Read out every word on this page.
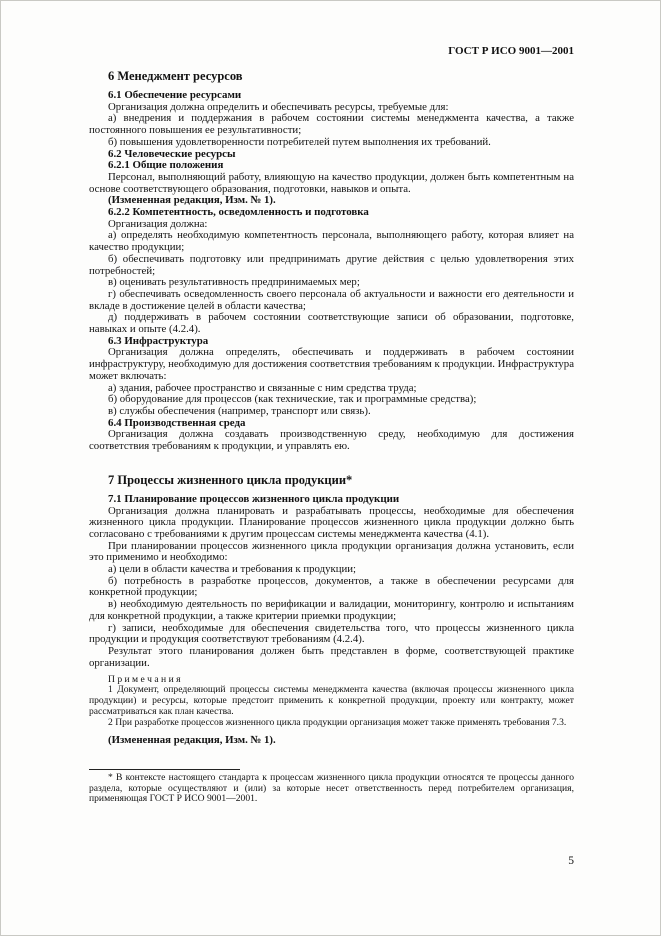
ГОСТ Р ИСО 9001—2001
6 Менеджмент ресурсов

6.1 Обеспечение ресурсами

Организация должна определить и обеспечивать ресурсы, требуемые для:

а) внедрения и поддержания в рабочем состоянии системы менеджмента качества, а также постоянного повышения ее результативности;

б) повышения удовлетворенности потребителей путем выполнения их требований.

6.2 Человеческие ресурсы

6.2.1 Общие положения

Персонал, выполняющий работу, влияющую на качество продукции, должен быть компетентным на основе соответствующего образования, подготовки, навыков и опыта.

(Измененная редакция, Изм. № 1).

6.2.2 Компетентность, осведомленность и подготовка

Организация должна:

а) определять необходимую компетентность персонала, выполняющего работу, которая влияет на качество продукции;

б) обеспечивать подготовку или предпринимать другие действия с целью удовлетворения этих потребностей;

в) оценивать результативность предпринимаемых мер;

г) обеспечивать осведомленность своего персонала об актуальности и важности его деятельности и вкладе в достижение целей в области качества;

д) поддерживать в рабочем состоянии соответствующие записи об образовании, подготовке, навыках и опыте (4.2.4).

6.3 Инфраструктура

Организация должна определять, обеспечивать и поддерживать в рабочем состоянии инфраструктуру, необходимую для достижения соответствия требованиям к продукции. Инфраструктура может включать:

а) здания, рабочее пространство и связанные с ним средства труда;

б) оборудование для процессов (как технические, так и программные средства);

в) службы обеспечения (например, транспорт или связь).

6.4 Производственная среда

Организация должна создавать производственную среду, необходимую для достижения соответствия требованиям к продукции, и управлять ею.

7 Процессы жизненного цикла продукции*

7.1 Планирование процессов жизненного цикла продукции

Организация должна планировать и разрабатывать процессы, необходимые для обеспечения жизненного цикла продукции. Планирование процессов жизненного цикла продукции должно быть согласовано с требованиями к другим процессам системы менеджмента качества (4.1).

При планировании процессов жизненного цикла продукции организация должна установить, если это применимо и необходимо:

а) цели в области качества и требования к продукции;

б) потребность в разработке процессов, документов, а также в обеспечении ресурсами для конкретной продукции;

в) необходимую деятельность по верификации и валидации, мониторингу, контролю и испытаниям для конкретной продукции, а также критерии приемки продукции;

г) записи, необходимые для обеспечения свидетельства того, что процессы жизненного цикла продукции и продукция соответствуют требованиям (4.2.4).

Результат этого планирования должен быть представлен в форме, соответствующей практике организации.

П р и м е ч а н и я

1 Документ, определяющий процессы системы менеджмента качества (включая процессы жизненного цикла продукции) и ресурсы, которые предстоит применить к конкретной продукции, проекту или контракту, может рассматриваться как план качества.

2 При разработке процессов жизненного цикла продукции организация может также применять требования 7.3.

(Измененная редакция, Изм. № 1).

* В контексте настоящего стандарта к процессам жизненного цикла продукции относятся те процессы данного раздела, которые осуществляют и (или) за которые несет ответственность перед потребителем организация, применяющая ГОСТ Р ИСО 9001—2001.

5
